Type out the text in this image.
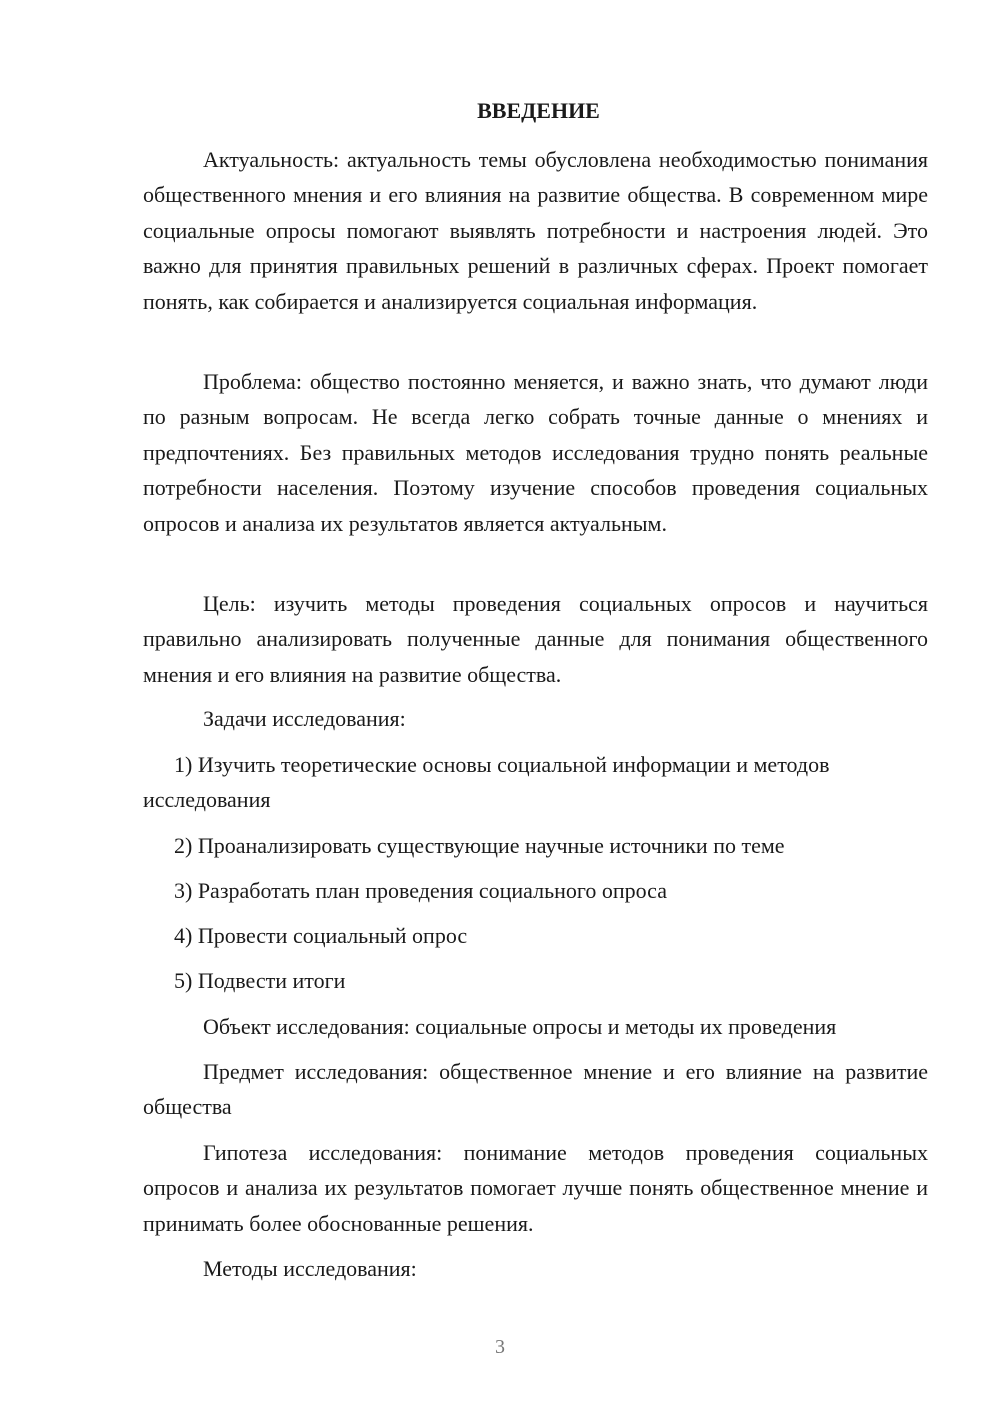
ВВЕДЕНИЕ

Актуальность: актуальность темы обусловлена необходимостью понимания общественного мнения и его влияния на развитие общества. В современном мире социальные опросы помогают выявлять потребности и настроения людей. Это важно для принятия правильных решений в различных сферах. Проект помогает понять, как собирается и анализируется социальная информация.

Проблема: общество постоянно меняется, и важно знать, что думают люди по разным вопросам. Не всегда легко собрать точные данные о мнениях и предпочтениях. Без правильных методов исследования трудно понять реальные потребности населения. Поэтому изучение способов проведения социальных опросов и анализа их результатов является актуальным.

Цель: изучить методы проведения социальных опросов и научиться правильно анализировать полученные данные для понимания общественного мнения и его влияния на развитие общества.

Задачи исследования:

1) Изучить теоретические основы социальной информации и методов исследования

2) Проанализировать существующие научные источники по теме

3) Разработать план проведения социального опроса

4) Провести социальный опрос

5) Подвести итоги

Объект исследования: социальные опросы и методы их проведения

Предмет исследования: общественное мнение и его влияние на развитие общества

Гипотеза исследования: понимание методов проведения социальных опросов и анализа их результатов помогает лучше понять общественное мнение и принимать более обоснованные решения.

Методы исследования:

3
